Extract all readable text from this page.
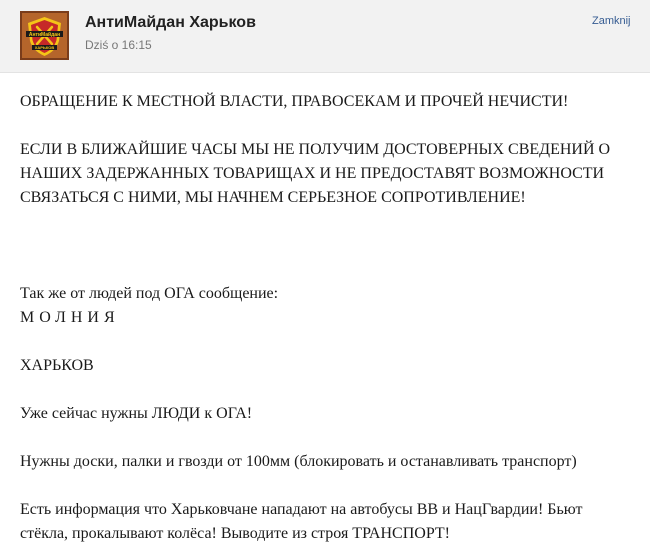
АнтиМайдан
ХАРЬКОВ
АнтиМайдан Харьков
Dziś o 16:15
Zamknij

ОБРАЩЕНИЕ К МЕСТНОЙ ВЛАСТИ, ПРАВОСЕКАМ И ПРОЧЕЙ НЕЧИСТИ!

ЕСЛИ В БЛИЖАЙШИЕ ЧАСЫ МЫ НЕ ПОЛУЧИМ ДОСТОВЕРНЫХ СВЕДЕНИЙ О НАШИХ ЗАДЕРЖАННЫХ ТОВАРИЩАХ И НЕ ПРЕДОСТАВЯТ ВОЗМОЖНОСТИ СВЯЗАТЬСЯ С НИМИ, МЫ НАЧНЕМ СЕРЬЕЗНОЕ СОПРОТИВЛЕНИЕ!

Так же от людей под ОГА сообщение:

МОЛНИЯ

ХАРЬКОВ

Уже сейчас нужны ЛЮДИ к ОГА!

Нужны доски, палки и гвозди от 100мм (блокировать и останавливать транспорт)

Есть информация что Харьковчане нападают на автобусы ВВ и НацГвардии! Бьют стёкла, прокалывают колёса! Выводите из строя ТРАНСПОРТ!
